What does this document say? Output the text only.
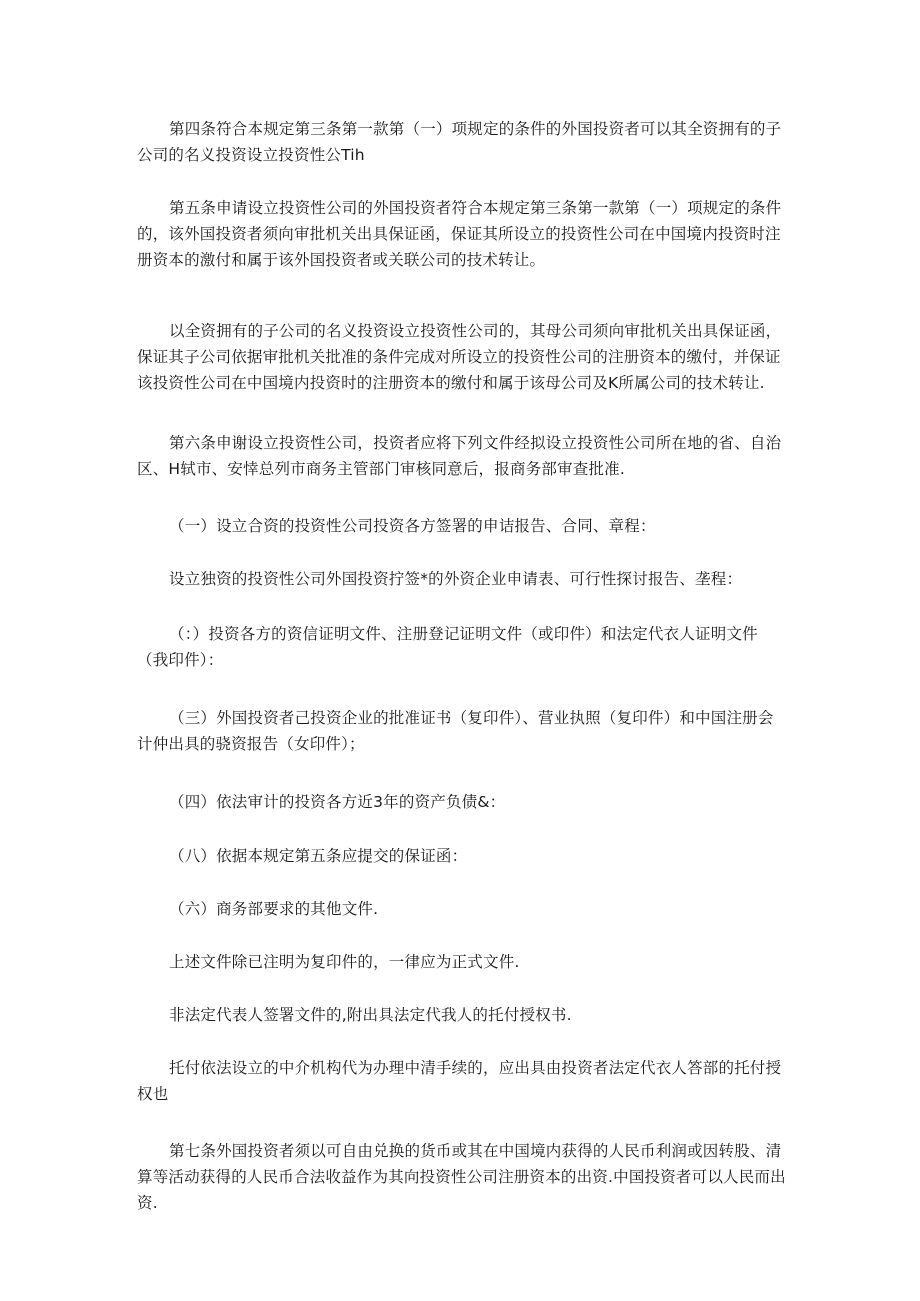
第四条符合本规定第三条第一款第（一）项规定的条件的外国投资者可以其全资拥有的子公司的名义投资设立投资性公Tih

第五条申请设立投资性公司的外国投资者符合本规定第三条第一款第（一）项规定的条件的，该外国投资者须向审批机关出具保证函，保证其所设立的投资性公司在中国境内投资时注册资本的激付和属于该外国投资者或关联公司的技术转让。

以全资拥有的子公司的名义投资设立投资性公司的，其母公司须向审批机关出具保证函，保证其子公司依据审批机关批准的条件完成对所设立的投资性公司的注册资本的缴付，并保证该投资性公司在中国境内投资时的注册资本的缴付和属于该母公司及K所属公司的技术转让.

第六条申谢设立投资性公司，投资者应将下列文件经拟设立投资性公司所在地的省、自治区、H轼市、安悻总列市商务主管部门审核同意后，报商务部审查批准.

（一）设立合资的投资性公司投资各方签署的申诘报告、合同、章程：

设立独资的投资性公司外国投资拧签*的外资企业申请表、可行性探讨报告、垄程：

（：）投资各方的资信证明文件、注册登记证明文件（或印件）和法定代衣人证明文件（我印件）：

（三）外国投资者己投资企业的批准证书（复印件）、营业执照（复印件）和中国注册会计仲出具的骁资报告（女印件）；

（四）依法审计的投资各方近3年的资产负债&：

（八）依据本规定第五条应提交的保证函：

（六）商务部要求的其他文件.

上述文件除已注明为复印件的，一律应为正式文件.

非法定代表人签署文件的,附出具法定代我人的托付授权书.

托付依法设立的中介机构代为办理中清手续的，应出具由投资者法定代衣人答部的托付授权也

第七条外国投资者须以可自由兑换的货币或其在中国境内获得的人民币利润或因转股、清算等活动获得的人民币合法收益作为其向投资性公司注册资本的出资.中国投资者可以人民而出资.
